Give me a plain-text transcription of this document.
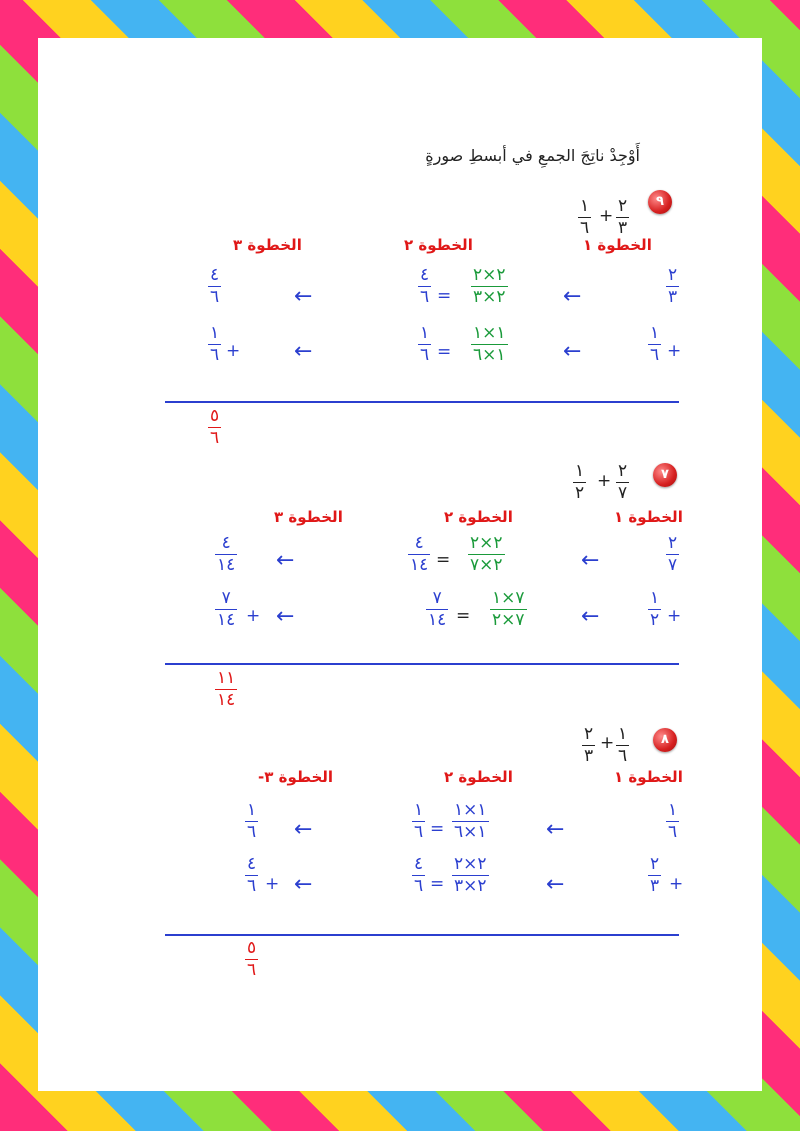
أَوْجِدْ ناتِجَ الجمعِ في أبسطِ صورةٍ
٩
٢
٣
+
١
٦
الخطوة ١
الخطوة ٢
الخطوة ٣
٢
٣
←
٢×٢
٢×٣
=
٤
٦
←
٤
٦
+
١
٦
←
١×١
١×٦
=
١
٦
←
+
١
٦
٥
٦
٧
٢
٧
+
١
٢
الخطوة ١
الخطوة ٢
الخطوة ٣
٢
٧
←
٢×٢
٢×٧
=
٤
١٤
←
٤
١٤
+
١
٢
←
٧×١
٧×٢
=
٧
١٤
←
+
٧
١٤
١١
١٤
٨
١
٦
+
٢
٣
الخطوة ١
الخطوة ٢
الخطوة ٣-
١
٦
←
١×١
١×٦
=
١
٦
←
١
٦
+
٢
٣
←
٢×٢
٢×٣
=
٤
٦
←
+
٤
٦
٥
٦
